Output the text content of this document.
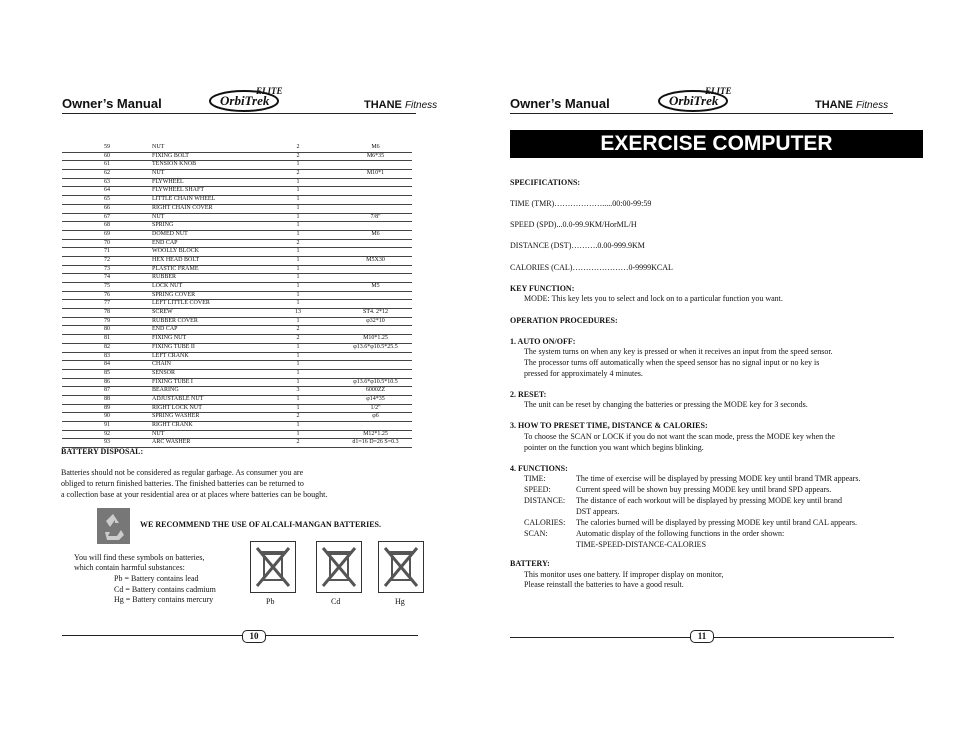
Owner’s Manual	OrbiTrek
ELITE
THANE Fitness
59	NUT	2	M6
60	FIXING BOLT	2	M6*35
61	TENSION KNOB	1
62	NUT	2	M10*1
63	FLYWHEEL	1
64	FLYWHEEL SHAFT	1
65	LITTLE CHAIN WHEEL	1
66	RIGHT CHAIN COVER	1
67	NUT	1	7/8"
68	SPRING	1
69	DOMED NUT	1	M6
70	END CAP	2
71	WOOLLY BLOCK	1
72	HEX HEAD BOLT	1	M5X30
73	PLASTIC FRAME	1
74	RUBBER	1
75	LOCK NUT	1	M5
76	SPRING COVER	1
77	LEFT LITTLE COVER	1
78	SCREW	13	ST4. 2*12
79	RUBBER COVER	1	φ32*10
80	END CAP	2
81	FIXING NUT	2	M10*1.25
82	FIXING TUBE II	1	φ13.6*φ10.5*25.5
83	LEFT CRANK	1
84	CHAIN	1
85	SENSOR	1
86	FIXING TUBE I	1	φ13.6*φ10.5*10.5
87	BEARING	3	6000ZZ
88	ADJUSTABLE NUT	1	φ14*35
89	RIGHT LOCK NUT	1	1/2"
90	SPRING WASHER	2	φ6
91	RIGHT CRANK	1
92	NUT	1	M12*1.25
93	ARC WASHER	2	d1=16 D=26 S=0.3
BATTERY DISPOSAL:
Batteries should not be considered as regular garbage. As consumer you are
obliged to return finished batteries. The finished batteries can be returned to
a collection base at your residential area or at places where batteries can be bought.
WE RECOMMEND THE USE OF ALCALI-MANGAN BATTERIES.
You will find these symbols on batteries,
which contain harmful substances:
Pb = Battery contains lead
Cd = Battery contains cadmium
Hg = Battery contains mercury	Pb	Cd	Hg
10
Owner’s Manual	OrbiTrek
ELITE
THANE Fitness
EXERCISE COMPUTER
SPECIFICATIONS:
TIME (TMR)……………….....00:00-99:59
SPEED (SPD)...0.0-99.9KM/HorML/H
DISTANCE (DST)……….0.00-999.9KM
CALORIES (CAL)…………………0-9999KCAL
KEY FUNCTION:
MODE: This key lets you to select and lock on to a particular function you want.
OPERATION PROCEDURES:
1. AUTO ON/OFF:
The system turns on when any key is pressed or when it receives an input from the speed sensor.
The processor turns off automatically when the speed sensor has no signal input or no key is
pressed for approximately 4 minutes.
2. RESET:
The unit can be reset by changing the batteries or pressing the MODE key for 3 seconds.
3. HOW TO PRESET TIME, DISTANCE & CALORIES:
To choose the SCAN or LOCK if you do not want the scan mode, press the MODE key when the
pointer on the function you want which begins blinking.
4. FUNCTIONS:
TIME:	The time of exercise will be displayed by pressing MODE key until brand TMR appears.
SPEED:	Current speed will be shown buy pressing MODE key until brand SPD appears.
DISTANCE: The distance of each workout will be displayed by pressing MODE key until brand
DST appears.
CALORIES: The calories burned will be displayed by pressing MODE key until brand CAL appears.
SCAN:	Automatic display of the following functions in the order shown:
TIME-SPEED-DISTANCE-CALORIES
BATTERY:
This monitor uses one battery. If improper display on monitor,
Please reinstall the batteries to have a good result.
11
